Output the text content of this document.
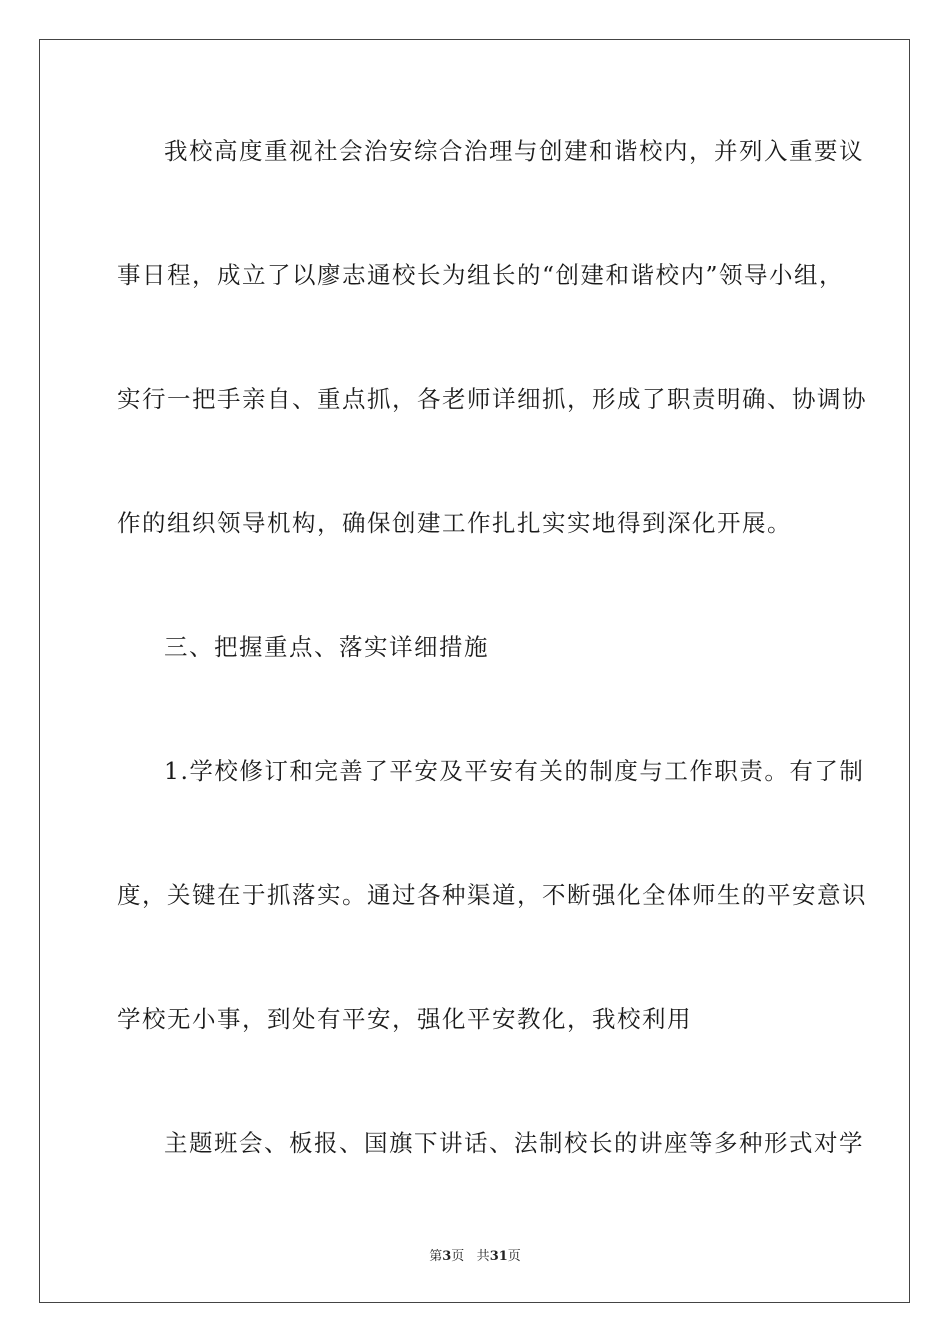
我校高度重视社会治安综合治理与创建和谐校内，并列入重要议
事日程，成立了以廖志通校长为组长的“创建和谐校内”领导小组，
实行一把手亲自、重点抓，各老师详细抓，形成了职责明确、协调协
作的组织领导机构，确保创建工作扎扎实实地得到深化开展。
三、把握重点、落实详细措施
1.学校修订和完善了平安及平安有关的制度与工作职责。有了制
度，关键在于抓落实。通过各种渠道，不断强化全体师生的平安意识
学校无小事，到处有平安，强化平安教化，我校利用
主题班会、板报、国旗下讲话、法制校长的讲座等多种形式对学
第3页 共31页
